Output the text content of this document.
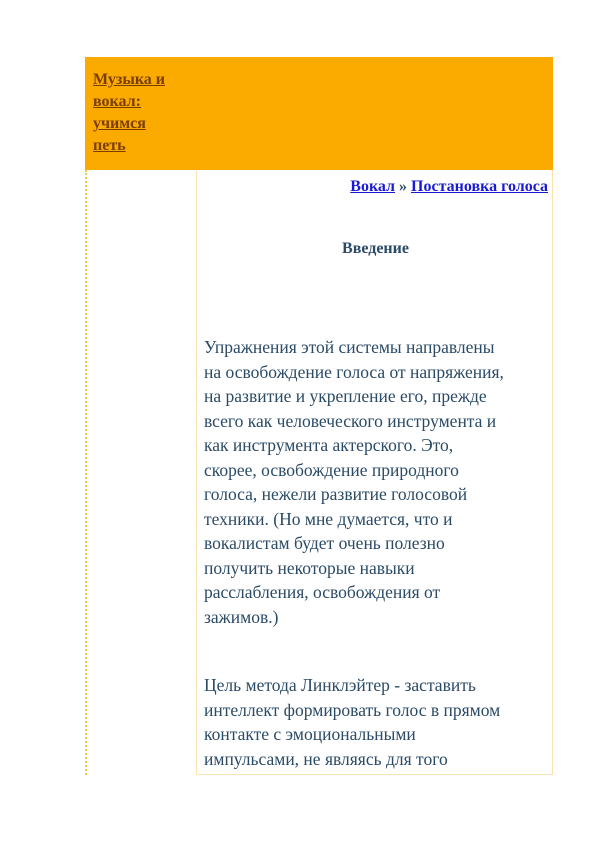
Музыка и
вокал:
учимся
петь
Вокал » Постановка голоса
Введение

Упражнения этой системы направлены
на освобождение голоса от напряжения,
на развитие и укрепление его, прежде
всего как человеческого инструмента и
как инструмента актерского. Это,
скорее, освобождение природного
голоса, нежели развитие голосовой
техники. (Но мне думается, что и
вокалистам будет очень полезно
получить некоторые навыки
расслабления, освобождения от
зажимов.)

Цель метода Линклэйтер - заставить
интеллект формировать голос в прямом
контакте с эмоциональными
импульсами, не являясь для того
